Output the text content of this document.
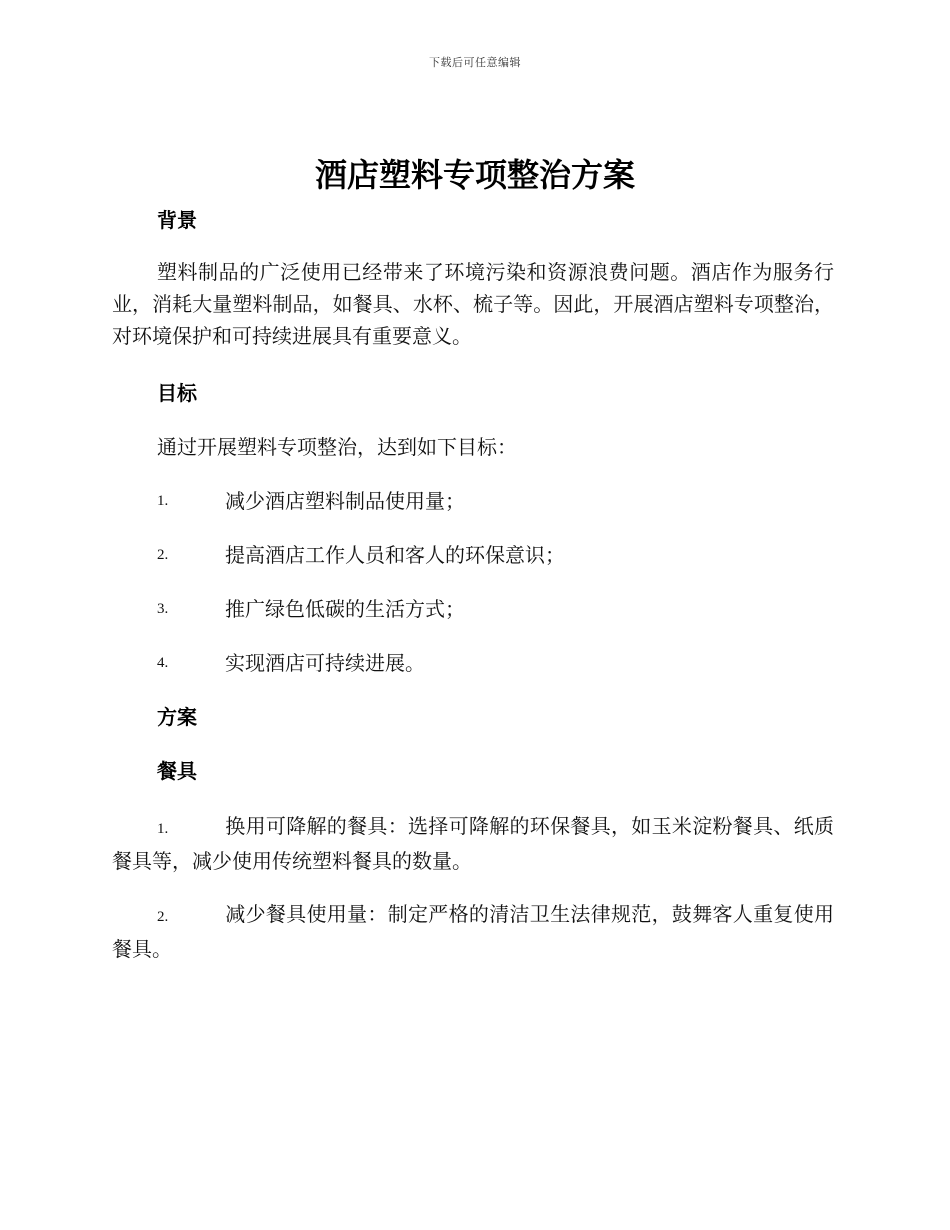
下载后可任意编辑
酒店塑料专项整治方案
背景

塑料制品的广泛使用已经带来了环境污染和资源浪费问题。酒店作为服务行业，消耗大量塑料制品，如餐具、水杯、梳子等。因此，开展酒店塑料专项整治，对环境保护和可持续进展具有重要意义。

目标

通过开展塑料专项整治，达到如下目标：

1.	减少酒店塑料制品使用量；
2.	提高酒店工作人员和客人的环保意识；
3.	推广绿色低碳的生活方式；
4.	实现酒店可持续进展。
方案
餐具

1.	换用可降解的餐具：选择可降解的环保餐具，如玉米淀粉餐具、纸质餐具等，减少使用传统塑料餐具的数量。

2.	减少餐具使用量：制定严格的清洁卫生法律规范，鼓舞客人重复使用餐具。
